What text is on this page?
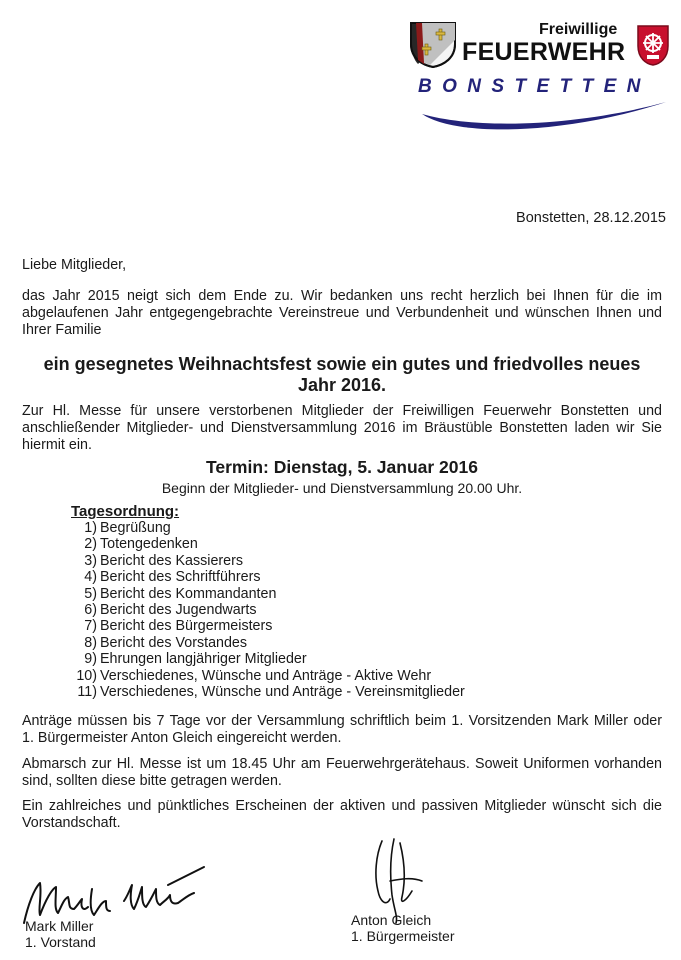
Freiwillige
FEUERWEHR
BONSTETTEN
Bonstetten, 28.12.2015
Liebe Mitglieder,
das Jahr 2015 neigt sich dem Ende zu. Wir bedanken uns recht herzlich bei Ihnen für die im
abgelaufenen Jahr entgegengebrachte Vereinstreue und Verbundenheit und wünschen Ihnen und
Ihrer Familie
ein gesegnetes Weihnachtsfest sowie ein gutes und friedvolles neues
Jahr 2016.
Zur Hl. Messe für unsere verstorbenen Mitglieder der Freiwilligen Feuerwehr Bonstetten und
anschließender Mitglieder- und Dienstversammlung 2016 im Bräustüble Bonstetten laden wir Sie
hiermit ein.
Termin: Dienstag, 5. Januar 2016
Beginn der Mitglieder- und Dienstversammlung 20.00 Uhr.
Tagesordnung:
1) Begrüßung
2) Totengedenken
3) Bericht des Kassierers
4) Bericht des Schriftführers
5) Bericht des Kommandanten
6) Bericht des Jugendwarts
7) Bericht des Bürgermeisters
8) Bericht des Vorstandes
9) Ehrungen langjähriger Mitglieder
10) Verschiedenes, Wünsche und Anträge - Aktive Wehr
11) Verschiedenes, Wünsche und Anträge - Vereinsmitglieder
Anträge müssen bis 7 Tage vor der Versammlung schriftlich beim 1. Vorsitzenden Mark Miller oder
1. Bürgermeister Anton Gleich eingereicht werden.
Abmarsch zur Hl. Messe ist um 18.45 Uhr am Feuerwehrgerätehaus. Soweit Uniformen vorhanden
sind, sollten diese bitte getragen werden.
Ein zahlreiches und pünktliches Erscheinen der aktiven und passiven Mitglieder wünscht sich die
Vorstandschaft.
Mark Miller
1. Vorstand
Anton Gleich
1. Bürgermeister
